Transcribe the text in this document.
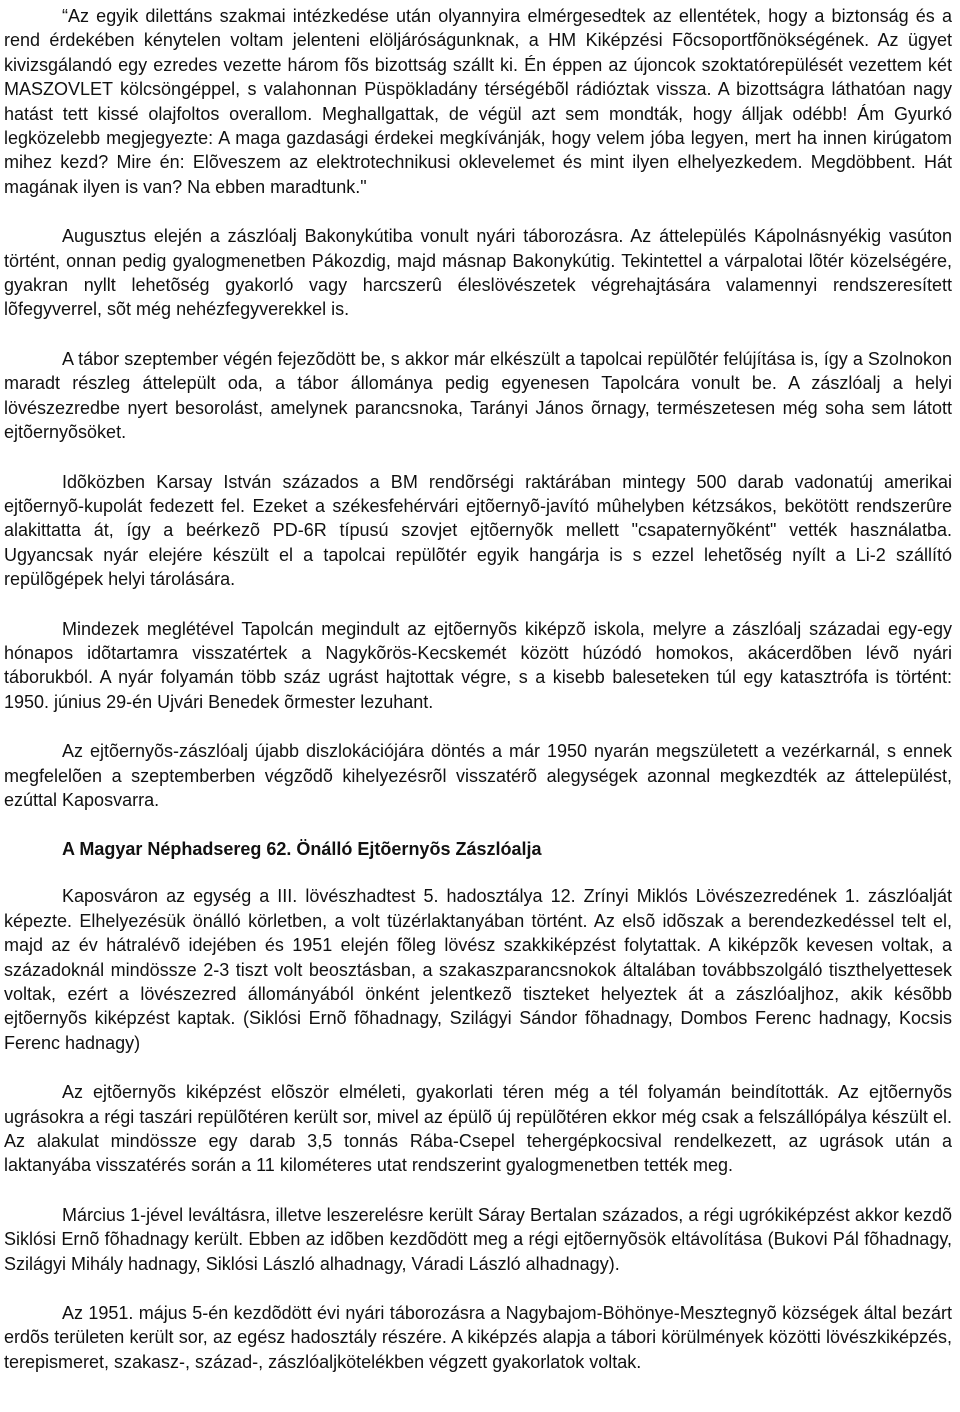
“Az egyik dilettáns szakmai intézkedése után olyannyira elmérgesedtek az ellentétek, hogy a biztonság és a rend érdekében kénytelen voltam jelenteni elöljáróságunknak, a HM Kiképzési Fõcsoportfõnökségének. Az ügyet kivizsgálandó egy ezredes vezette három fõs bizottság szállt ki. Én éppen az újoncok szoktatórepülését vezettem két MASZOVLET kölcsöngéppel, s valahonnan Püspökladány térségébõl rádióztak vissza. A bizottságra láthatóan nagy hatást tett kissé olajfoltos overallom. Meghallgattak, de végül azt sem mondták, hogy álljak odébb! Ám Gyurkó legközelebb megjegyezte: A maga gazdasági érdekei megkívánják, hogy velem jóba legyen, mert ha innen kirúgatom mihez kezd? Mire én: Elõveszem az elektrotechnikusi oklevelemet és mint ilyen elhelyezkedem. Megdöbbent. Hát magának ilyen is van? Na ebben maradtunk."

Augusztus elején a zászlóalj Bakonykútiba vonult nyári táborozásra. Az áttelepülés Kápolnásnyékig vasúton történt, onnan pedig gyalogmenetben Pákozdig, majd másnap Bakonykútig. Tekintettel a várpalotai lõtér közelségére, gyakran nyllt lehetõség gyakorló vagy harcszerû éleslövészetek végrehajtására valamennyi rendszeresített lõfegyverrel, sõt még nehézfegyverekkel is.

A tábor szeptember végén fejezõdött be, s akkor már elkészült a tapolcai repülõtér felújítása is, így a Szolnokon maradt részleg áttelepült oda, a tábor állománya pedig egyenesen Tapolcára vonult be. A zászlóalj a helyi lövészezredbe nyert besorolást, amelynek parancsnoka, Tarányi János õrnagy, természetesen még soha sem látott ejtõernyõsöket.

Idõközben Karsay István százados a BM rendõrségi raktárában mintegy 500 darab vadonatúj amerikai ejtõernyõ-kupolát fedezett fel. Ezeket a székesfehérvári ejtõernyõ-javító mûhelyben kétzsákos, bekötött rendszerûre alakittatta át, így a beérkezõ PD-6R típusú szovjet ejtõernyõk mellett "csapaternyõként" vették használatba. Ugyancsak nyár elejére készült el a tapolcai repülõtér egyik hangárja is s ezzel lehetõség nyílt a Li-2 szállító repülõgépek helyi tárolására.

Mindezek meglétével Tapolcán megindult az ejtõernyõs kiképzõ iskola, melyre a zászlóalj századai egy-egy hónapos idõtartamra visszatértek a Nagykõrös-Kecskemét között húzódó homokos, akácerdõben lévõ nyári táborukból. A nyár folyamán több száz ugrást hajtottak végre, s a kisebb baleseteken túl egy katasztrófa is történt: 1950. június 29-én Ujvári Benedek õrmester lezuhant.

Az ejtõernyõs-zászlóalj újabb diszlokációjára döntés a már 1950 nyarán megszületett a vezérkarnál, s ennek megfelelõen a szeptemberben végzõdõ kihelyezésrõl visszatérõ alegységek azonnal megkezdték az áttelepülést, ezúttal Kaposvarra.

A Magyar Néphadsereg 62. Önálló Ejtõernyõs Zászlóalja

Kaposváron az egység a III. lövészhadtest 5. hadosztálya 12. Zrínyi Miklós Lövészezredének 1. zászlóalját képezte. Elhelyezésük önálló körletben, a volt tüzérlaktanyában történt. Az elsõ idõszak a berendezkedéssel telt el, majd az év hátralévõ idejében és 1951 elején fõleg lövész szakkiképzést folytattak. A kiképzõk kevesen voltak, a századoknál mindössze 2-3 tiszt volt beosztásban, a szakaszparancsnokok általában továbbszolgáló tiszthelyettesek voltak, ezért a lövészezred állományából önként jelentkezõ tiszteket helyeztek át a zászlóaljhoz, akik késõbb ejtõernyõs kiképzést kaptak. (Siklósi Ernõ fõhadnagy, Szilágyi Sándor fõhadnagy, Dombos Ferenc hadnagy, Kocsis Ferenc hadnagy)

Az ejtõernyõs kiképzést elõször elméleti, gyakorlati téren még a tél folyamán beindították. Az ejtõernyõs ugrásokra a régi taszári repülõtéren került sor, mivel az épülõ új repülõtéren ekkor még csak a felszállópálya készült el. Az alakulat mindössze egy darab 3,5 tonnás Rába-Csepel tehergépkocsival rendelkezett, az ugrások után a laktanyába visszatérés során a 11 kilométeres utat rendszerint gyalogmenetben tették meg.

Március 1-jével leváltásra, illetve leszerelésre került Sáray Bertalan százados, a régi ugrókiképzést akkor kezdõ Siklósi Ernõ fõhadnagy került. Ebben az idõben kezdõdött meg a régi ejtõernyõsök eltávolítása (Bukovi Pál fõhadnagy, Szilágyi Mihály hadnagy, Siklósi László alhadnagy, Váradi László alhadnagy).

Az 1951. május 5-én kezdõdött évi nyári táborozásra a Nagybajom-Böhönye-Mesztegnyõ községek által bezárt erdõs területen került sor, az egész hadosztály részére. A kiképzés alapja a tábori körülmények közötti lövészkiképzés, terepismeret, szakasz-, század-, zászlóaljkötelékben végzett gyakorlatok voltak.
